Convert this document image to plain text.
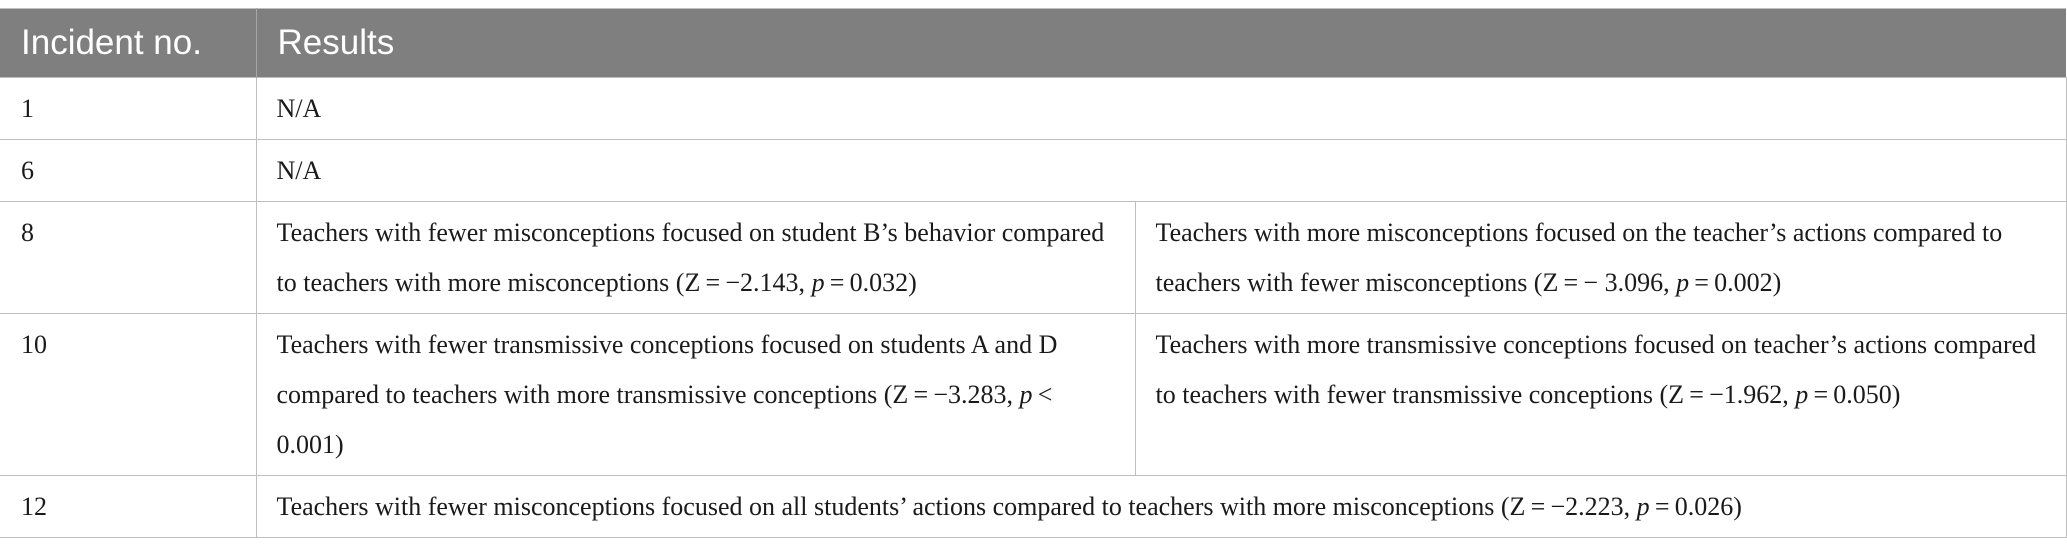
Incident no.	Results	
1	N/A	
6	N/A	
8	Teachers with fewer misconceptions focused on student B’s behavior compared to teachers with more misconceptions (Z = −2.143, p = 0.032)	Teachers with more misconceptions focused on the teacher’s actions compared to teachers with fewer misconceptions (Z = − 3.096, p = 0.002)
10	Teachers with fewer transmissive conceptions focused on students A and D compared to teachers with more transmissive conceptions (Z = −3.283, p < 0.001)	Teachers with more transmissive conceptions focused on teacher’s actions compared to teachers with fewer transmissive conceptions (Z = −1.962, p = 0.050)
12	Teachers with fewer misconceptions focused on all students’ actions compared to teachers with more misconceptions (Z = −2.223, p = 0.026)	
